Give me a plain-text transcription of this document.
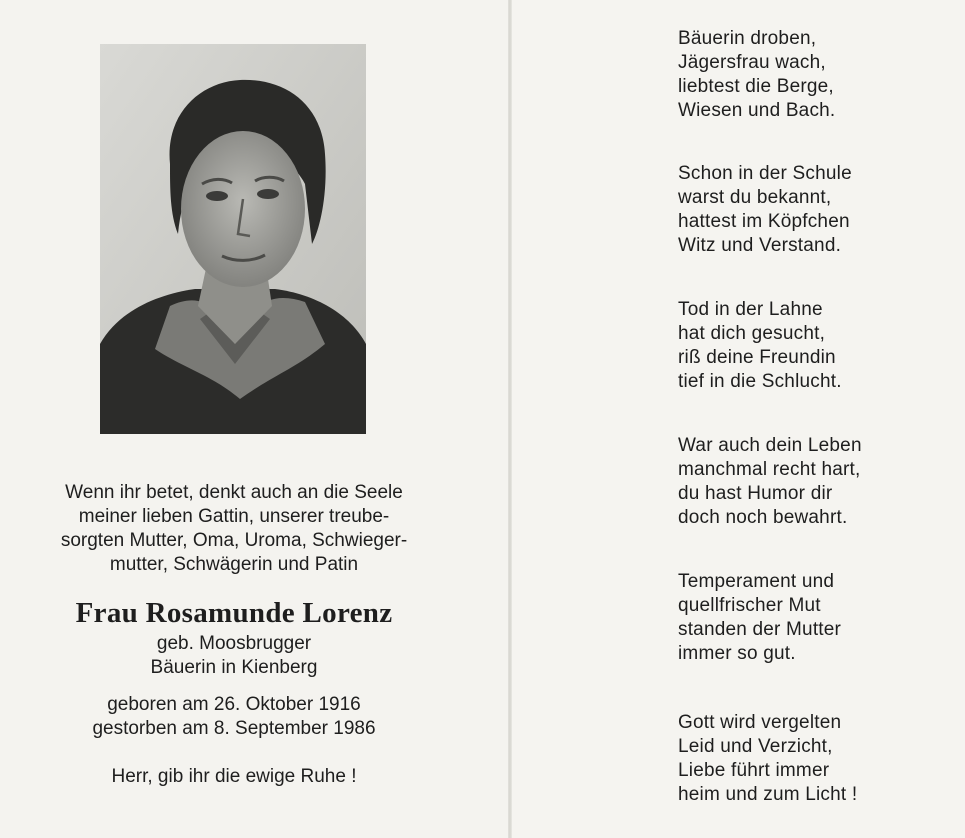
Wenn ihr betet, denkt auch an die Seele
meiner lieben Gattin, unserer treube-
sorgten Mutter, Oma, Uroma, Schwieger-
mutter, Schwägerin und Patin
Frau Rosamunde Lorenz
geb. Moosbrugger
Bäuerin in Kienberg
geboren am 26. Oktober 1916
gestorben am 8. September 1986
Herr, gib ihr die ewige Ruhe !
Bäuerin droben,
Jägersfrau wach,
liebtest die Berge,
Wiesen und Bach.
Schon in der Schule
warst du bekannt,
hattest im Köpfchen
Witz und Verstand.
Tod in der Lahne
hat dich gesucht,
riß deine Freundin
tief in die Schlucht.
War auch dein Leben
manchmal recht hart,
du hast Humor dir
doch noch bewahrt.
Temperament und
quellfrischer Mut
standen der Mutter
immer so gut.
Gott wird vergelten
Leid und Verzicht,
Liebe führt immer
heim und zum Licht !
